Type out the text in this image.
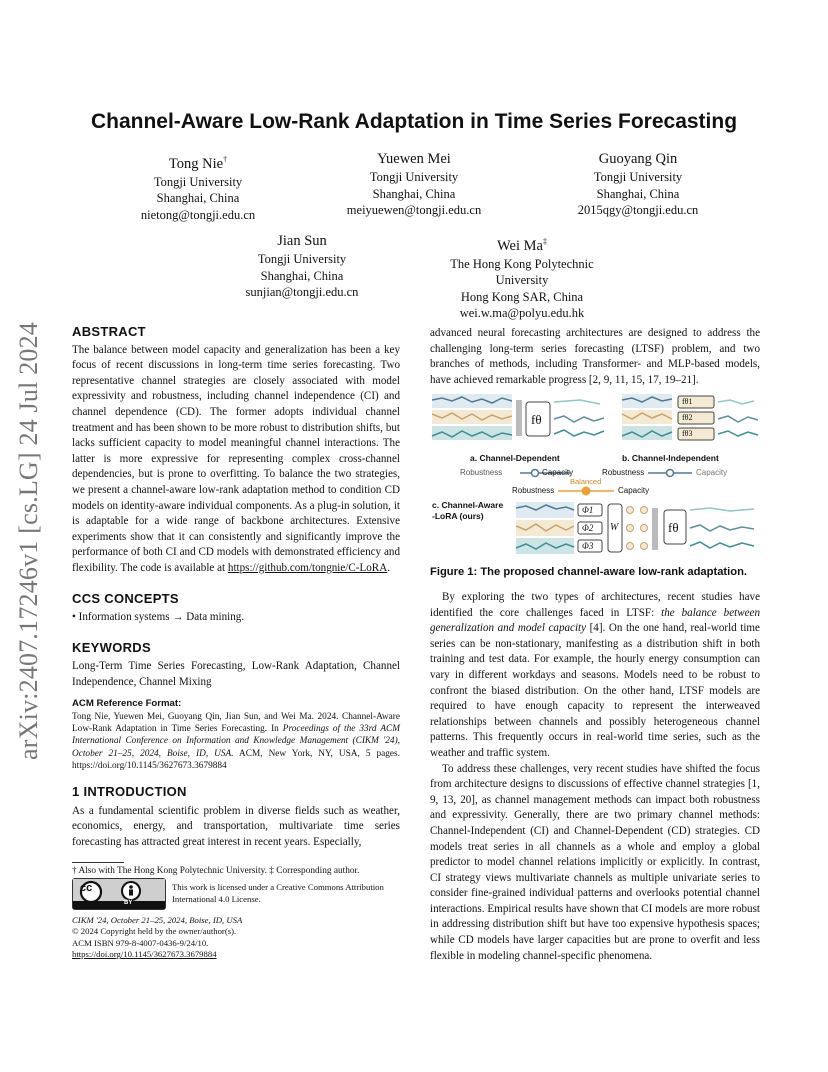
arXiv:2407.17246v1 [cs.LG] 24 Jul 2024
Channel-Aware Low-Rank Adaptation in Time Series Forecasting
Tong Nie†
Tongji University
Shanghai, China
nietong@tongji.edu.cn
Yuewen Mei
Tongji University
Shanghai, China
meiyuewen@tongji.edu.cn
Guoyang Qin
Tongji University
Shanghai, China
2015qgy@tongji.edu.cn
Jian Sun
Tongji University
Shanghai, China
sunjian@tongji.edu.cn
Wei Ma‡
The Hong Kong Polytechnic
University
Hong Kong SAR, China
wei.w.ma@polyu.edu.hk
ABSTRACT

The balance between model capacity and generalization has been a key focus of recent discussions in long-term time series forecasting. Two representative channel strategies are closely associated with model expressivity and robustness, including channel independence (CI) and channel dependence (CD). The former adopts individual channel treatment and has been shown to be more robust to distribution shifts, but lacks sufficient capacity to model meaningful channel interactions. The latter is more expressive for representing complex cross-channel dependencies, but is prone to overfitting. To balance the two strategies, we present a channel-aware low-rank adaptation method to condition CD models on identity-aware individual components. As a plug-in solution, it is adaptable for a wide range of backbone architectures. Extensive experiments show that it can consistently and significantly improve the performance of both CI and CD models with demonstrated efficiency and flexibility. The code is available at https://github.com/tongnie/C-LoRA.

CCS CONCEPTS

• Information systems → Data mining.

KEYWORDS

Long-Term Time Series Forecasting, Low-Rank Adaptation, Channel Independence, Channel Mixing

ACM Reference Format:

Tong Nie, Yuewen Mei, Guoyang Qin, Jian Sun, and Wei Ma. 2024. Channel-Aware Low-Rank Adaptation in Time Series Forecasting. In Proceedings of the 33rd ACM International Conference on Information and Knowledge Management (CIKM '24), October 21–25, 2024, Boise, ID, USA. ACM, New York, NY, USA, 5 pages. https://doi.org/10.1145/3627673.3679884

1 INTRODUCTION

As a fundamental scientific problem in diverse fields such as weather, economics, energy, and transportation, multivariate time series forecasting has attracted great interest in recent years. Especially,

† Also with The Hong Kong Polytechnic University. ‡ Corresponding author.
cc
BY
This work is licensed under a Creative Commons Attribution International 4.0 License.
CIKM '24, October 21–25, 2024, Boise, ID, USA
© 2024 Copyright held by the owner/author(s).
ACM ISBN 979-8-4007-0436-9/24/10.
https://doi.org/10.1145/3627673.3679884

advanced neural forecasting architectures are designed to address the challenging long-term series forecasting (LTSF) problem, and two branches of methods, including Transformer- and MLP-based models, have achieved remarkable progress [2, 9, 11, 15, 17, 19–21].

fθ
fθ
a. Channel-Dependent	b. Channel-Independent
Robustness	Capacity	Robustness	Capacity
Balanced
Robustness	Capacity
c. Channel-Aware
-LoRA (ours)
fθ1
fθ2
fθ3
Φ1
Φ2
Φ3
W
Figure 1: The proposed channel-aware low-rank adaptation.

By exploring the two types of architectures, recent studies have identified the core challenges faced in LTSF: the balance between generalization and model capacity [4]. On the one hand, real-world time series can be non-stationary, manifesting as a distribution shift in both training and test data. For example, the hourly energy consumption can vary in different workdays and seasons. Models need to be robust to confront the biased distribution. On the other hand, LTSF models are required to have enough capacity to represent the interweaved relationships between channels and possibly heterogeneous channel patterns. This frequently occurs in real-world time series, such as the weather and traffic system.

To address these challenges, very recent studies have shifted the focus from architecture designs to discussions of effective channel strategies [1, 9, 13, 20], as channel management methods can impact both robustness and expressivity. Generally, there are two primary channel methods: Channel-Independent (CI) and Channel-Dependent (CD) strategies. CD models treat series in all channels as a whole and employ a global predictor to model channel relations implicitly or explicitly. In contrast, CI strategy views multivariate channels as multiple univariate series to consider fine-grained individual patterns and overlooks potential channel interactions. Empirical results have shown that CI models are more robust in addressing distribution shift but have too expensive hypothesis spaces; while CD models have larger capacities but are prone to overfit and less flexible in modeling channel-specific phenomena.
